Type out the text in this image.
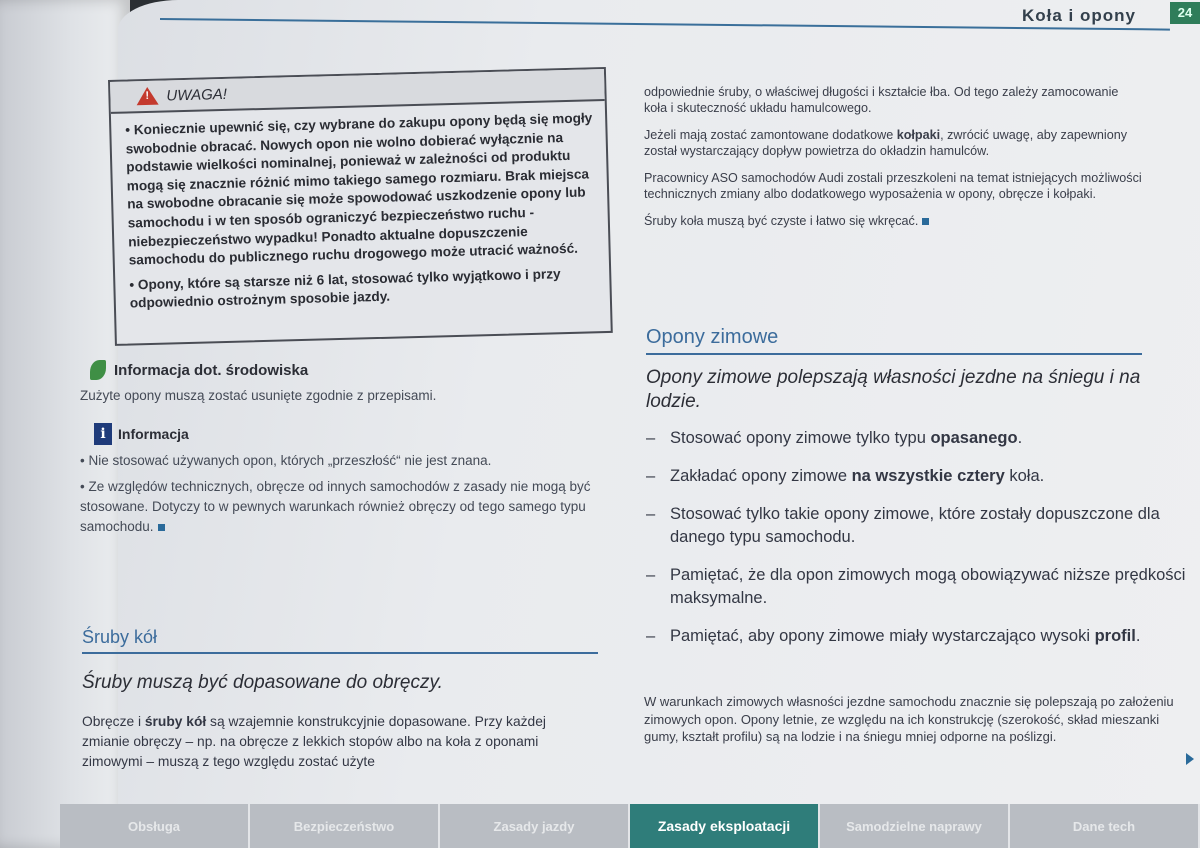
Koła i opony	24
! UWAGA!

• Koniecznie upewnić się, czy wybrane do zakupu opony będą się mogły swobodnie obracać. Nowych opon nie wolno dobierać wyłącznie na podstawie wielkości nominalnej, ponieważ w zależności od produktu mogą się znacznie różnić mimo takiego samego rozmiaru. Brak miejsca na swobodne obracanie się może spowodować uszkodzenie opony lub samochodu i w ten sposób ograniczyć bezpieczeństwo ruchu - niebezpieczeństwo wypadku! Ponadto aktualne dopuszczenie samochodu do publicznego ruchu drogowego może utracić ważność.

• Opony, które są starsze niż 6 lat, stosować tylko wyjątkowo i przy odpowiednio ostrożnym sposobie jazdy.

Informacja dot. środowiska

Zużyte opony muszą zostać usunięte zgodnie z przepisami.

i Informacja

• Nie stosować używanych opon, których „przeszłość“ nie jest znana.

• Ze względów technicznych, obręcze od innych samochodów z zasady nie mogą być stosowane. Dotyczy to w pewnych warunkach również obręczy od tego samego typu samochodu.

Śruby kół
Śruby muszą być dopasowane do obręczy.
Obręcze i śruby kół są wzajemnie konstrukcyjnie dopasowane. Przy każdej zmianie obręczy – np. na obręcze z lekkich stopów albo na koła z oponami zimowymi – muszą z tego względu zostać użyte

odpowiednie śruby, o właściwej długości i kształcie łba. Od tego zależy zamocowanie koła i skuteczność układu hamulcowego.

Jeżeli mają zostać zamontowane dodatkowe kołpaki, zwrócić uwagę, aby zapewniony został wystarczający dopływ powietrza do okładzin hamulców.

Pracownicy ASO samochodów Audi zostali przeszkoleni na temat istniejących możliwości technicznych zmiany albo dodatkowego wyposażenia w opony, obręcze i kołpaki.

Śruby koła muszą być czyste i łatwo się wkręcać.

Opony zimowe
Opony zimowe polepszają własności jezdne na śniegu i na lodzie.
– Stosować opony zimowe tylko typu opasanego.
– Zakładać opony zimowe na wszystkie cztery koła.
– Stosować tylko takie opony zimowe, które zostały dopuszczone dla danego typu samochodu.
– Pamiętać, że dla opon zimowych mogą obowiązywać niższe prędkości maksymalne.
– Pamiętać, aby opony zimowe miały wystarczająco wysoki profil.
W warunkach zimowych własności jezdne samochodu znacznie się polepszają po założeniu zimowych opon. Opony letnie, ze względu na ich konstrukcję (szerokość, skład mieszanki gumy, kształt profilu) są na lodzie i na śniegu mniej odporne na poślizgi.
Obsługa	Bezpieczeństwo	Zasady jazdy	Zasady eksploatacji	Samodzielne naprawy	Dane tech
